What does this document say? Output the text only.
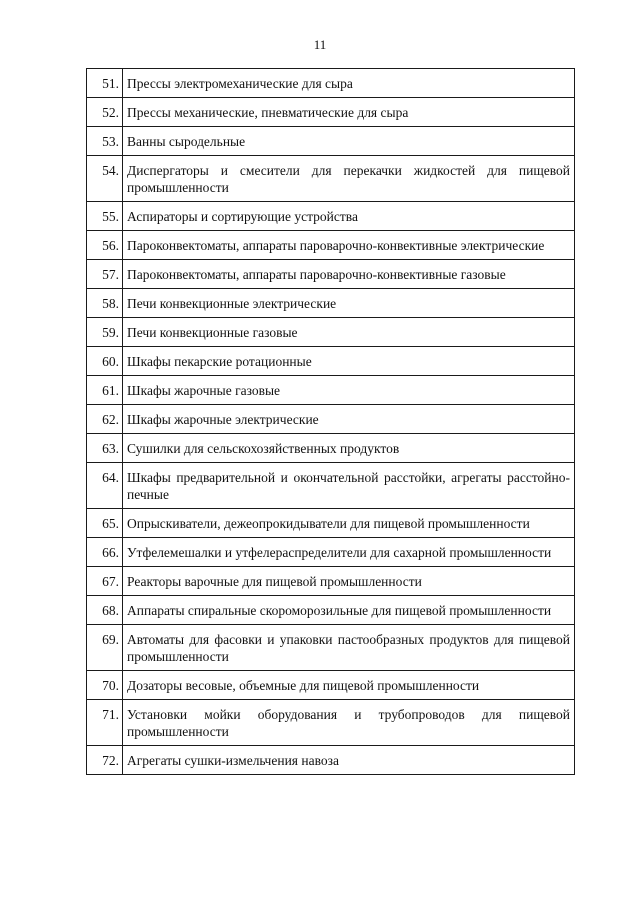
11
51.	Прессы электромеханические для сыра
52.	Прессы механические, пневматические для сыра
53.	Ванны сыродельные
54.	Диспергаторы и смесители для перекачки жидкостей для пищевой промышленности
55.	Аспираторы и сортирующие устройства
56.	Пароконвектоматы, аппараты пароварочно-конвективные электрические
57.	Пароконвектоматы, аппараты пароварочно-конвективные газовые
58.	Печи конвекционные электрические
59.	Печи конвекционные газовые
60.	Шкафы пекарские ротационные
61.	Шкафы жарочные газовые
62.	Шкафы жарочные электрические
63.	Сушилки для сельскохозяйственных продуктов
64.	Шкафы предварительной и окончательной расстойки, агрегаты расстойно-печные
65.	Опрыскиватели, дежеопрокидыватели для пищевой промышленности
66.	Утфелемешалки и утфелераспределители для сахарной промышленности
67.	Реакторы варочные для пищевой промышленности
68.	Аппараты спиральные скороморозильные для пищевой промышленности
69.	Автоматы для фасовки и упаковки пастообразных продуктов для пищевой промышленности
70.	Дозаторы весовые, объемные для пищевой промышленности
71.	Установки мойки оборудования и трубопроводов для пищевой промышленности
72.	Агрегаты сушки-измельчения навоза
